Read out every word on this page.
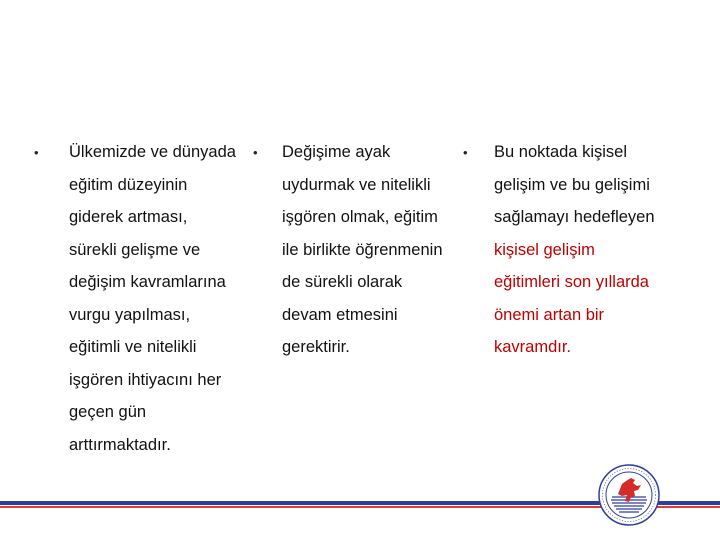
•	•	•
Ülkemizde ve dünyada
eğitim düzeyinin
giderek artması,
sürekli gelişme ve
değişim kavramlarına
vurgu yapılması,
eğitimli ve nitelikli
işgören ihtiyacını her
geçen gün
arttırmaktadır.
Değişime ayak
uydurmak ve nitelikli
işgören olmak, eğitim
ile birlikte öğrenmenin
de sürekli olarak
devam etmesini
gerektirir.
Bu noktada kişisel
gelişim ve bu gelişimi
sağlamayı hedefleyen
kişisel gelişim
eğitimleri son yıllarda
önemi artan bir
kavramdır.
